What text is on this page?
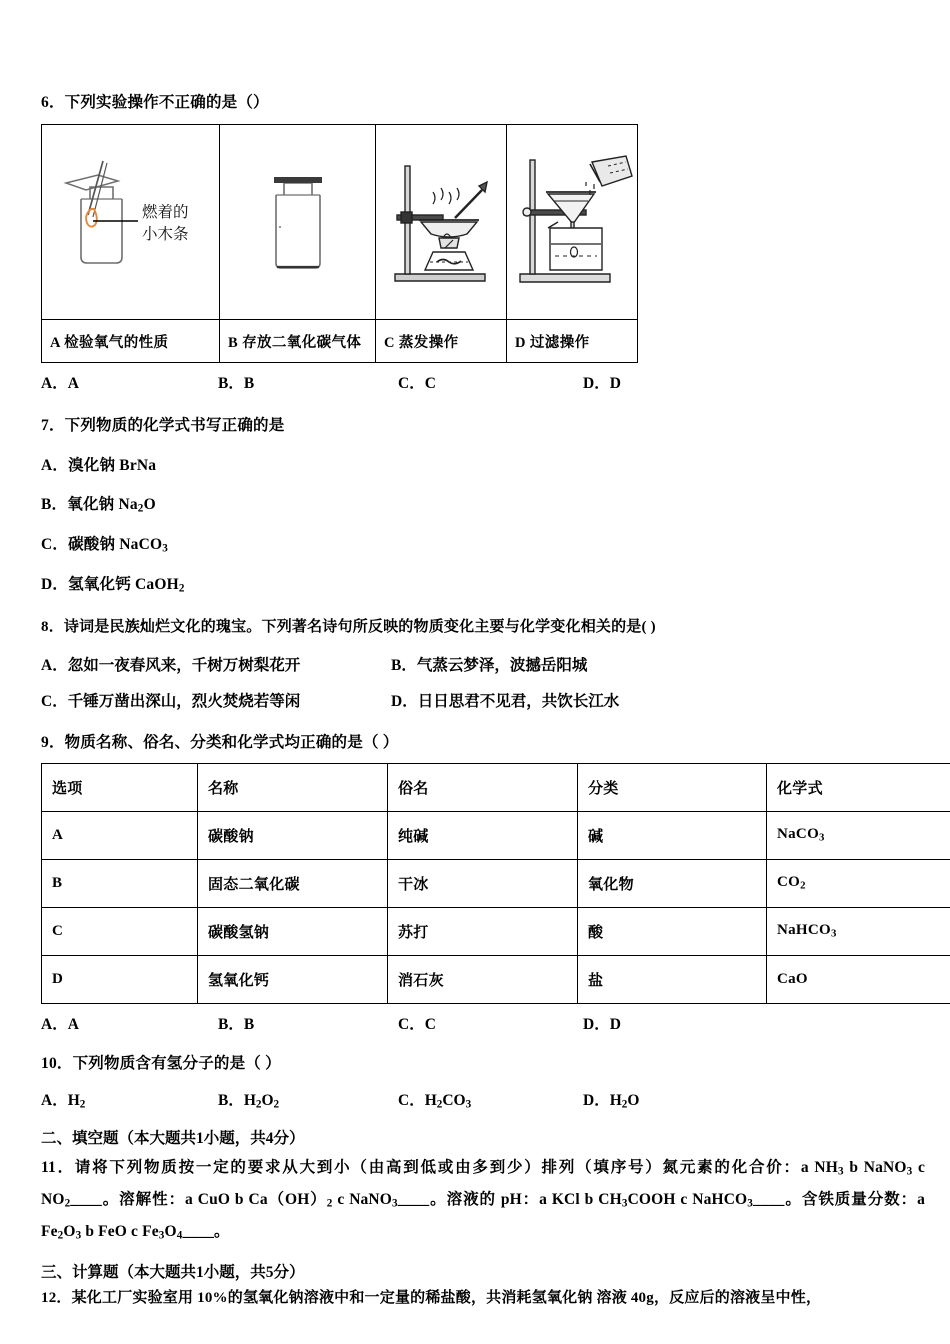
6．下列实验操作不正确的是（）
燃着的
小木条

A 检验氧气的性质	B 存放二氧化碳气体	C 蒸发操作	D 过滤操作
A．A	B．B	C．C	D．D
7．下列物质的化学式书写正确的是
A．溴化钠 BrNa
B．氧化钠 $Na_2O$
C．碳酸钠 NaCO$_3$
D．氢氧化钙 CaOH$_2$
8．诗词是民族灿烂文化的瑰宝。下列著名诗句所反映的物质变化主要与化学变化相关的是( )
A．忽如一夜春风来，千树万树梨花开	B．气蒸云梦泽，波撼岳阳城
C．千锤万凿出深山，烈火焚烧若等闲	D．日日思君不见君，共饮长江水
9．物质名称、俗名、分类和化学式均正确的是（ ）
选项	名称	俗名	分类	化学式
A	碳酸钠	纯碱	碱	NaCO$_3$
B	固态二氧化碳	干冰	氧化物	$CO_2$
C	碳酸氢钠	苏打	酸	NaHCO$_3$
D	氢氧化钙	消石灰	盐	CaO
A．A	B．B	C．C	D．D
10．下列物质含有氢分子的是（ ）
A．$H_2$	B．$H_2O_2$	C．$H_2CO_3$	D．$H_2O$
二、填空题（本大题共1小题，共4分）
11．请将下列物质按一定的要求从大到小（由高到低或由多到少）排列（填序号）氮元素的化合价：a $NH_3$ b NaNO$_3$ c $NO_2\_\_\_\_$。溶解性：a CuO b $Ca(OH)_2$ c NaNO$_3$____。溶液的 pH：a KCl b $CH_3COOH$ c NaHCO$_3$____。含铁质量分数：a $Fe_2O_3$ b FeO c $Fe_3O_4\_\_\_\_$。
三、计算题（本大题共1小题，共5分）
12．某化工厂实验室用 10%的氢氧化钠溶液中和一定量的稀盐酸，共消耗氢氧化钠 溶液 40g，反应后的溶液呈中性，
